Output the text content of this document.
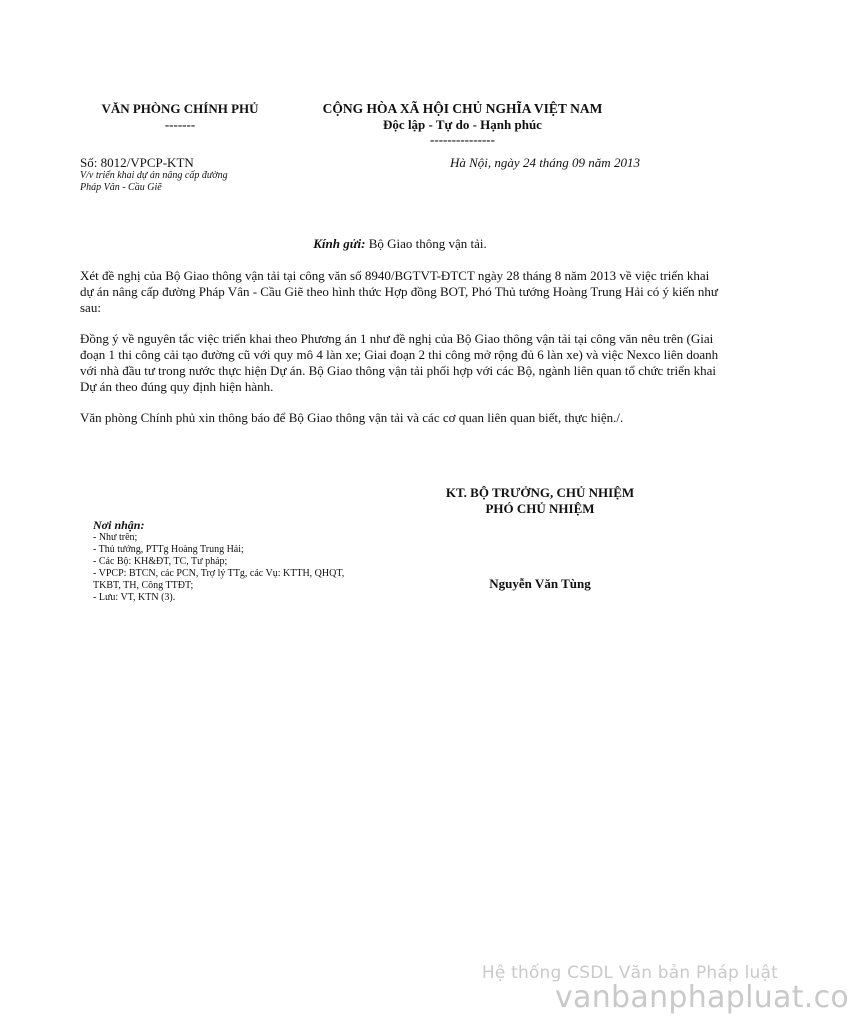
VĂN PHÒNG CHÍNH PHỦ
-------
CỘNG HÒA XÃ HỘI CHỦ NGHĨA VIỆT NAM
Độc lập - Tự do - Hạnh phúc
---------------
Số: 8012/VPCP-KTN
V/v triển khai dự án nâng cấp đường
Pháp Vân - Cầu Giẽ
Hà Nội, ngày 24 tháng 09 năm 2013
Kính gửi: Bộ Giao thông vận tải.
Xét đề nghị của Bộ Giao thông vận tải tại công văn số 8940/BGTVT-ĐTCT ngày 28 tháng 8 năm 2013 về việc triển khai dự án nâng cấp đường Pháp Vân - Cầu Giẽ theo hình thức Hợp đồng BOT, Phó Thủ tướng Hoàng Trung Hải có ý kiến như sau:
Đồng ý về nguyên tắc việc triển khai theo Phương án 1 như đề nghị của Bộ Giao thông vận tải tại công văn nêu trên (Giai đoạn 1 thi công cải tạo đường cũ với quy mô 4 làn xe; Giai đoạn 2 thi công mở rộng đủ 6 làn xe) và việc Nexco liên doanh với nhà đầu tư trong nước thực hiện Dự án. Bộ Giao thông vận tải phối hợp với các Bộ, ngành liên quan tổ chức triển khai Dự án theo đúng quy định hiện hành.
Văn phòng Chính phủ xin thông báo để Bộ Giao thông vận tải và các cơ quan liên quan biết, thực hiện./.
KT. BỘ TRƯỞNG, CHỦ NHIỆM
PHÓ CHỦ NHIỆM
Nguyễn Văn Tùng
Nơi nhận:
- Như trên;
- Thủ tướng, PTTg Hoàng Trung Hải;
- Các Bộ: KH&ĐT, TC, Tư pháp;
- VPCP: BTCN, các PCN, Trợ lý TTg, các Vụ: KTTH, QHQT,
TKBT, TH, Công TTĐT;
- Lưu: VT, KTN (3).
Hệ thống CSDL Văn bản Pháp luật
vanbanphapluat.co
